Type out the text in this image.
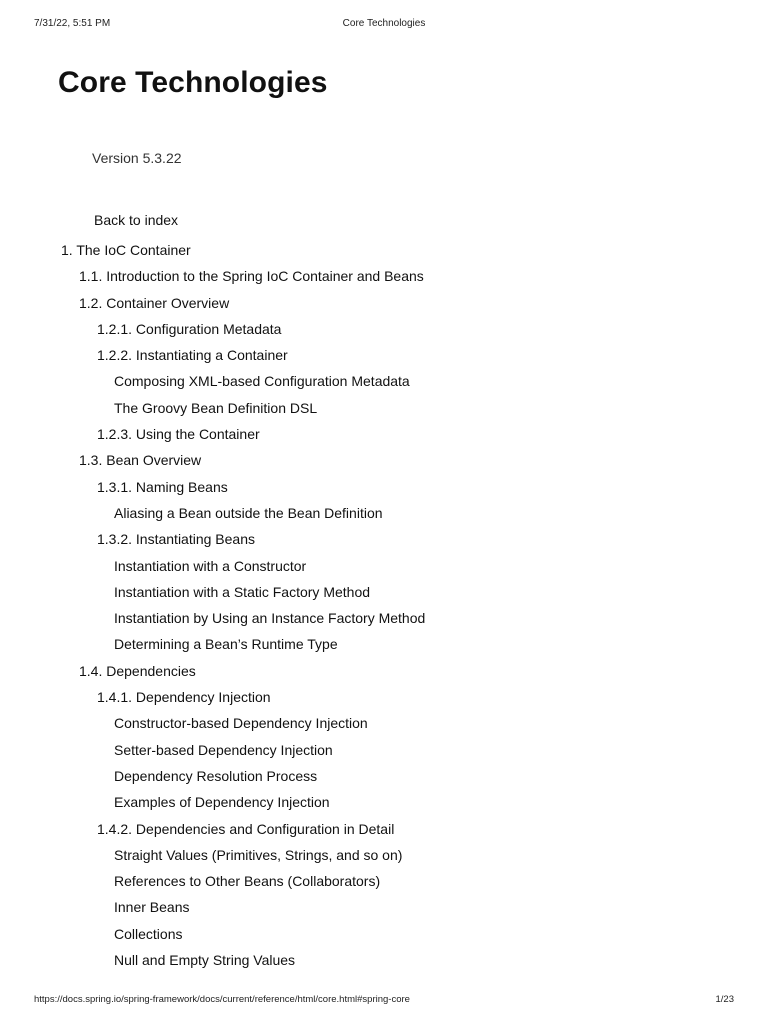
7/31/22, 5:51 PM	Core Technologies
Core Technologies
Version 5.3.22
Back to index
1. The IoC Container
1.1. Introduction to the Spring IoC Container and Beans
1.2. Container Overview
1.2.1. Configuration Metadata
1.2.2. Instantiating a Container
Composing XML-based Configuration Metadata
The Groovy Bean Definition DSL
1.2.3. Using the Container
1.3. Bean Overview
1.3.1. Naming Beans
Aliasing a Bean outside the Bean Definition
1.3.2. Instantiating Beans
Instantiation with a Constructor
Instantiation with a Static Factory Method
Instantiation by Using an Instance Factory Method
Determining a Bean’s Runtime Type
1.4. Dependencies
1.4.1. Dependency Injection
Constructor-based Dependency Injection
Setter-based Dependency Injection
Dependency Resolution Process
Examples of Dependency Injection
1.4.2. Dependencies and Configuration in Detail
Straight Values (Primitives, Strings, and so on)
References to Other Beans (Collaborators)
Inner Beans
Collections
Null and Empty String Values
https://docs.spring.io/spring-framework/docs/current/reference/html/core.html#spring-core	1/23
